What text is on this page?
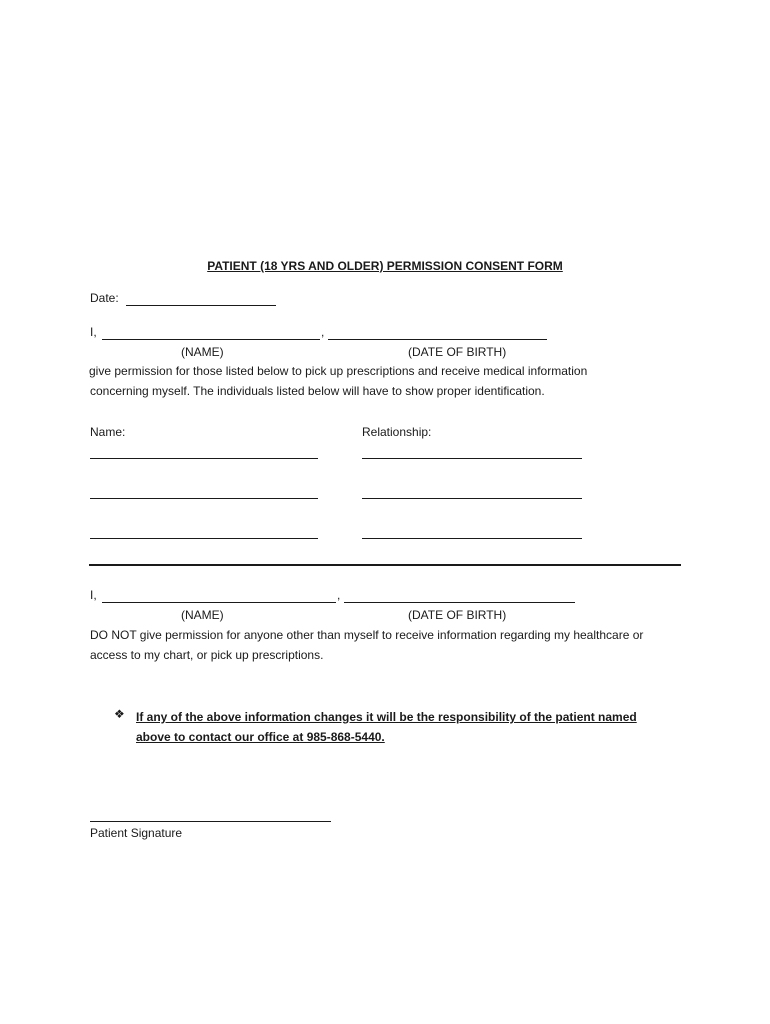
PATIENT (18 YRS AND OLDER) PERMISSION CONSENT FORM
Date:
I,	,
(NAME)	(DATE OF BIRTH)
give permission for those listed below to pick up prescriptions and receive medical information
concerning myself. The individuals listed below will have to show proper identification.
Name:	Relationship:
I,	,
(NAME)	(DATE OF BIRTH)
DO NOT give permission for anyone other than myself to receive information regarding my healthcare or
access to my chart, or pick up prescriptions.
❖ If any of the above information changes it will be the responsibility of the patient named
above to contact our office at 985-868-5440.
Patient Signature
